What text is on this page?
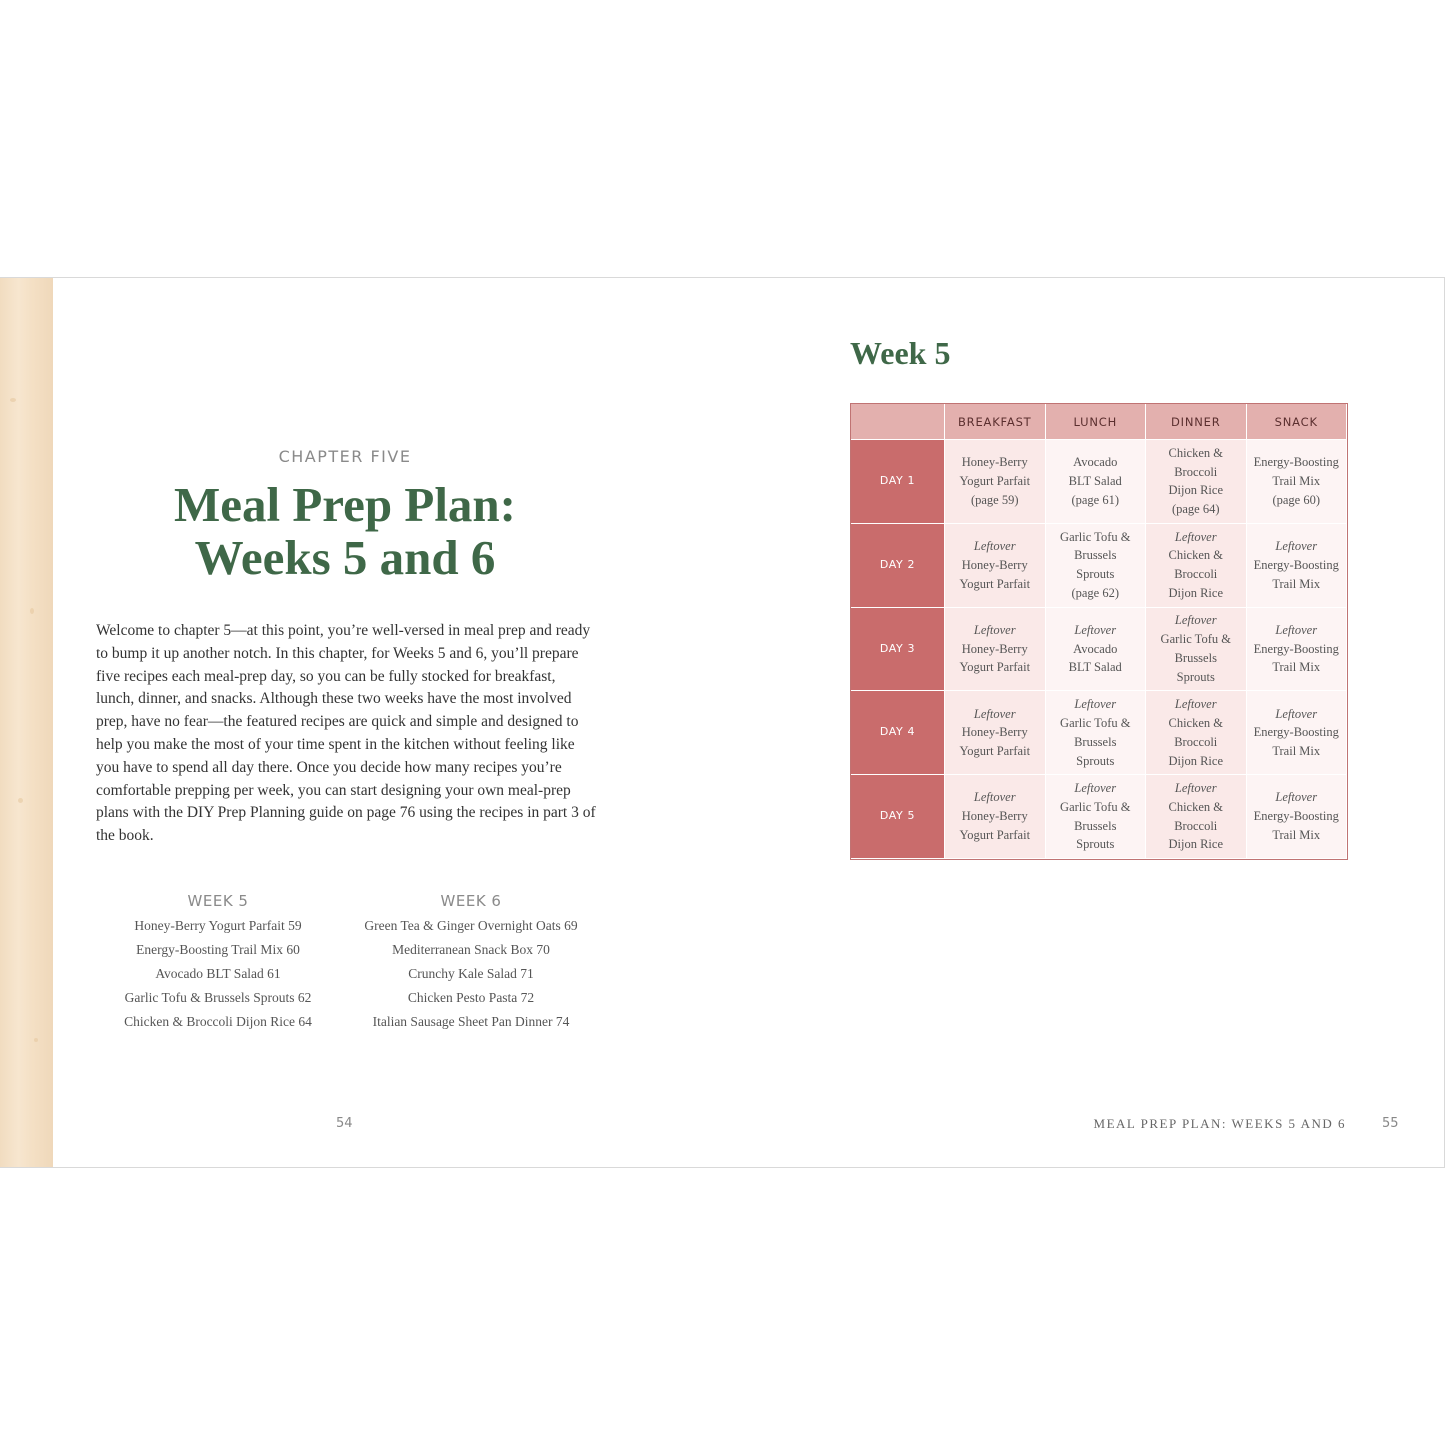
CHAPTER FIVE
Meal Prep Plan:
Weeks 5 and 6
Welcome to chapter 5—at this point, you’re well-versed in meal prep and ready to bump it up another notch. In this chapter, for Weeks 5 and 6, you’ll prepare five recipes each meal-prep day, so you can be fully stocked for breakfast, lunch, dinner, and snacks. Although these two weeks have the most involved prep, have no fear—the featured recipes are quick and simple and designed to help you make the most of your time spent in the kitchen without feeling like you have to spend all day there. Once you decide how many recipes you’re comfortable prepping per week, you can start designing your own meal-prep plans with the DIY Prep Planning guide on page 76 using the recipes in part 3 of the book.
WEEK 5
Honey-Berry Yogurt Parfait 59
Energy-Boosting Trail Mix 60
Avocado BLT Salad 61
Garlic Tofu & Brussels Sprouts 62
Chicken & Broccoli Dijon Rice 64
WEEK 6
Green Tea & Ginger Overnight Oats 69
Mediterranean Snack Box 70
Crunchy Kale Salad 71
Chicken Pesto Pasta 72
Italian Sausage Sheet Pan Dinner 74
54
Week 5
	BREAKFAST	LUNCH	DINNER	SNACK
DAY 1	Honey-Berry
Yogurt Parfait
(page 59)	Avocado
BLT Salad
(page 61)	Chicken &
Broccoli
Dijon Rice
(page 64)	Energy-Boosting
Trail Mix
(page 60)

DAY 2	Leftover
Honey-Berry
Yogurt Parfait	Garlic Tofu &
Brussels
Sprouts
(page 62)	Leftover
Chicken &
Broccoli
Dijon Rice	Leftover
Energy-Boosting
Trail Mix

DAY 3	Leftover
Honey-Berry
Yogurt Parfait	Leftover
Avocado
BLT Salad	Leftover
Garlic Tofu &
Brussels
Sprouts	Leftover
Energy-Boosting
Trail Mix

DAY 4	Leftover
Honey-Berry
Yogurt Parfait	Leftover
Garlic Tofu &
Brussels
Sprouts	Leftover
Chicken &
Broccoli
Dijon Rice	Leftover
Energy-Boosting
Trail Mix

DAY 5	Leftover
Honey-Berry
Yogurt Parfait	Leftover
Garlic Tofu &
Brussels
Sprouts	Leftover
Chicken &
Broccoli
Dijon Rice	Leftover
Energy-Boosting
Trail Mix
MEAL PREP PLAN: WEEKS 5 AND 6	55
